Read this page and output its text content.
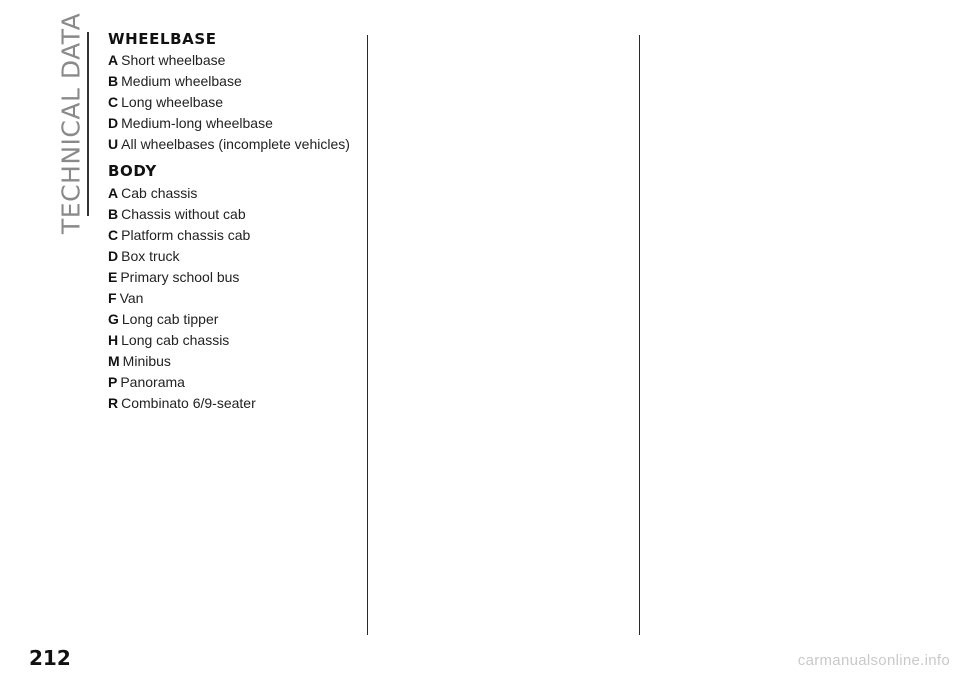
TECHNICAL DATA WHEELBASE
A Short wheelbase
B Medium wheelbase
C Long wheelbase
D Medium-long wheelbase
U All wheelbases (incomplete vehicles)
BODY
A Cab chassis
B Chassis without cab
C Platform chassis cab
D Box truck
E Primary school bus
F Van
G Long cab tipper
H Long cab chassis
M Minibus
P Panorama
R Combinato 6/9-seater
212	carmanualsonline.info
